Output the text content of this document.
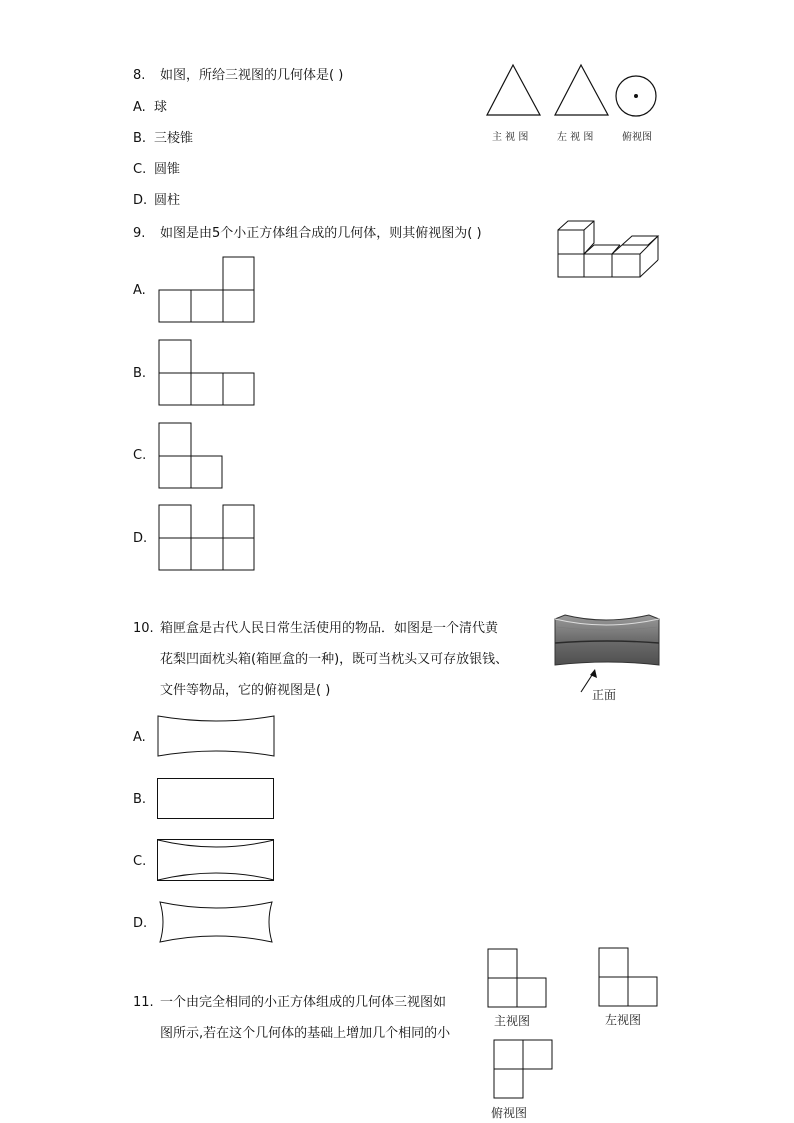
8. 如图，所给三视图的几何体是( )
A. 球
B. 三棱锥
C. 圆锥
D. 圆柱
主 视 图	左 视 图	俯视图
9. 如图是由5个小正方体组合成的几何体，则其俯视图为( )
A.
B.
C.
D.
10. 箱匣盒是古代人民日常生活使用的物品．如图是一个清代黄
花梨凹面枕头箱(箱匣盒的一种)，既可当枕头又可存放银钱、
文件等物品，它的俯视图是( )	正面
A.
B.
C.
D.
11. 一个由完全相同的小正方体组成的几何体三视图如
图所示,若在这个几何体的基础上增加几个相同的小
主视图	左视图
俯视图
